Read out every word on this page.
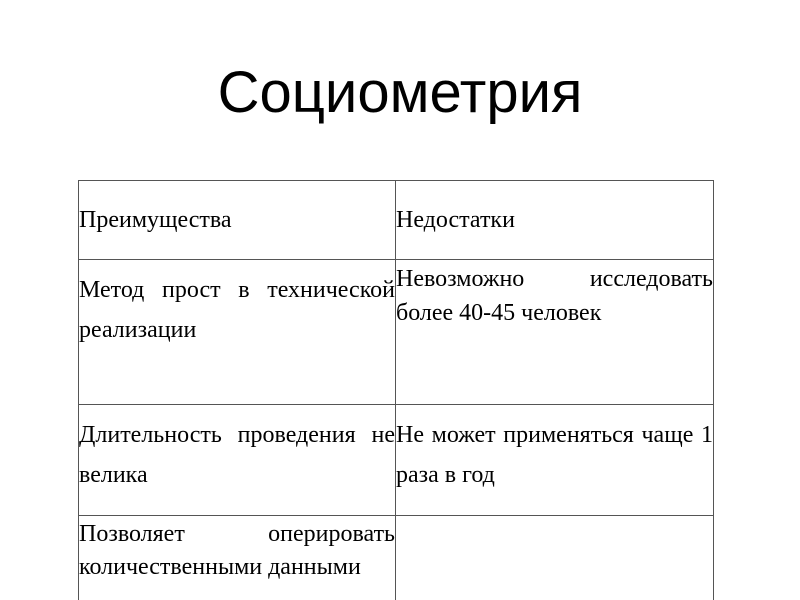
Социометрия
Преимущества	Недостатки

Метод прост в технической реализации	Невозможно исследовать более 40-45 человек

Длительность проведения не велика	Не может применяться чаще 1 раза в год

Позволяет оперировать количественными данными	
